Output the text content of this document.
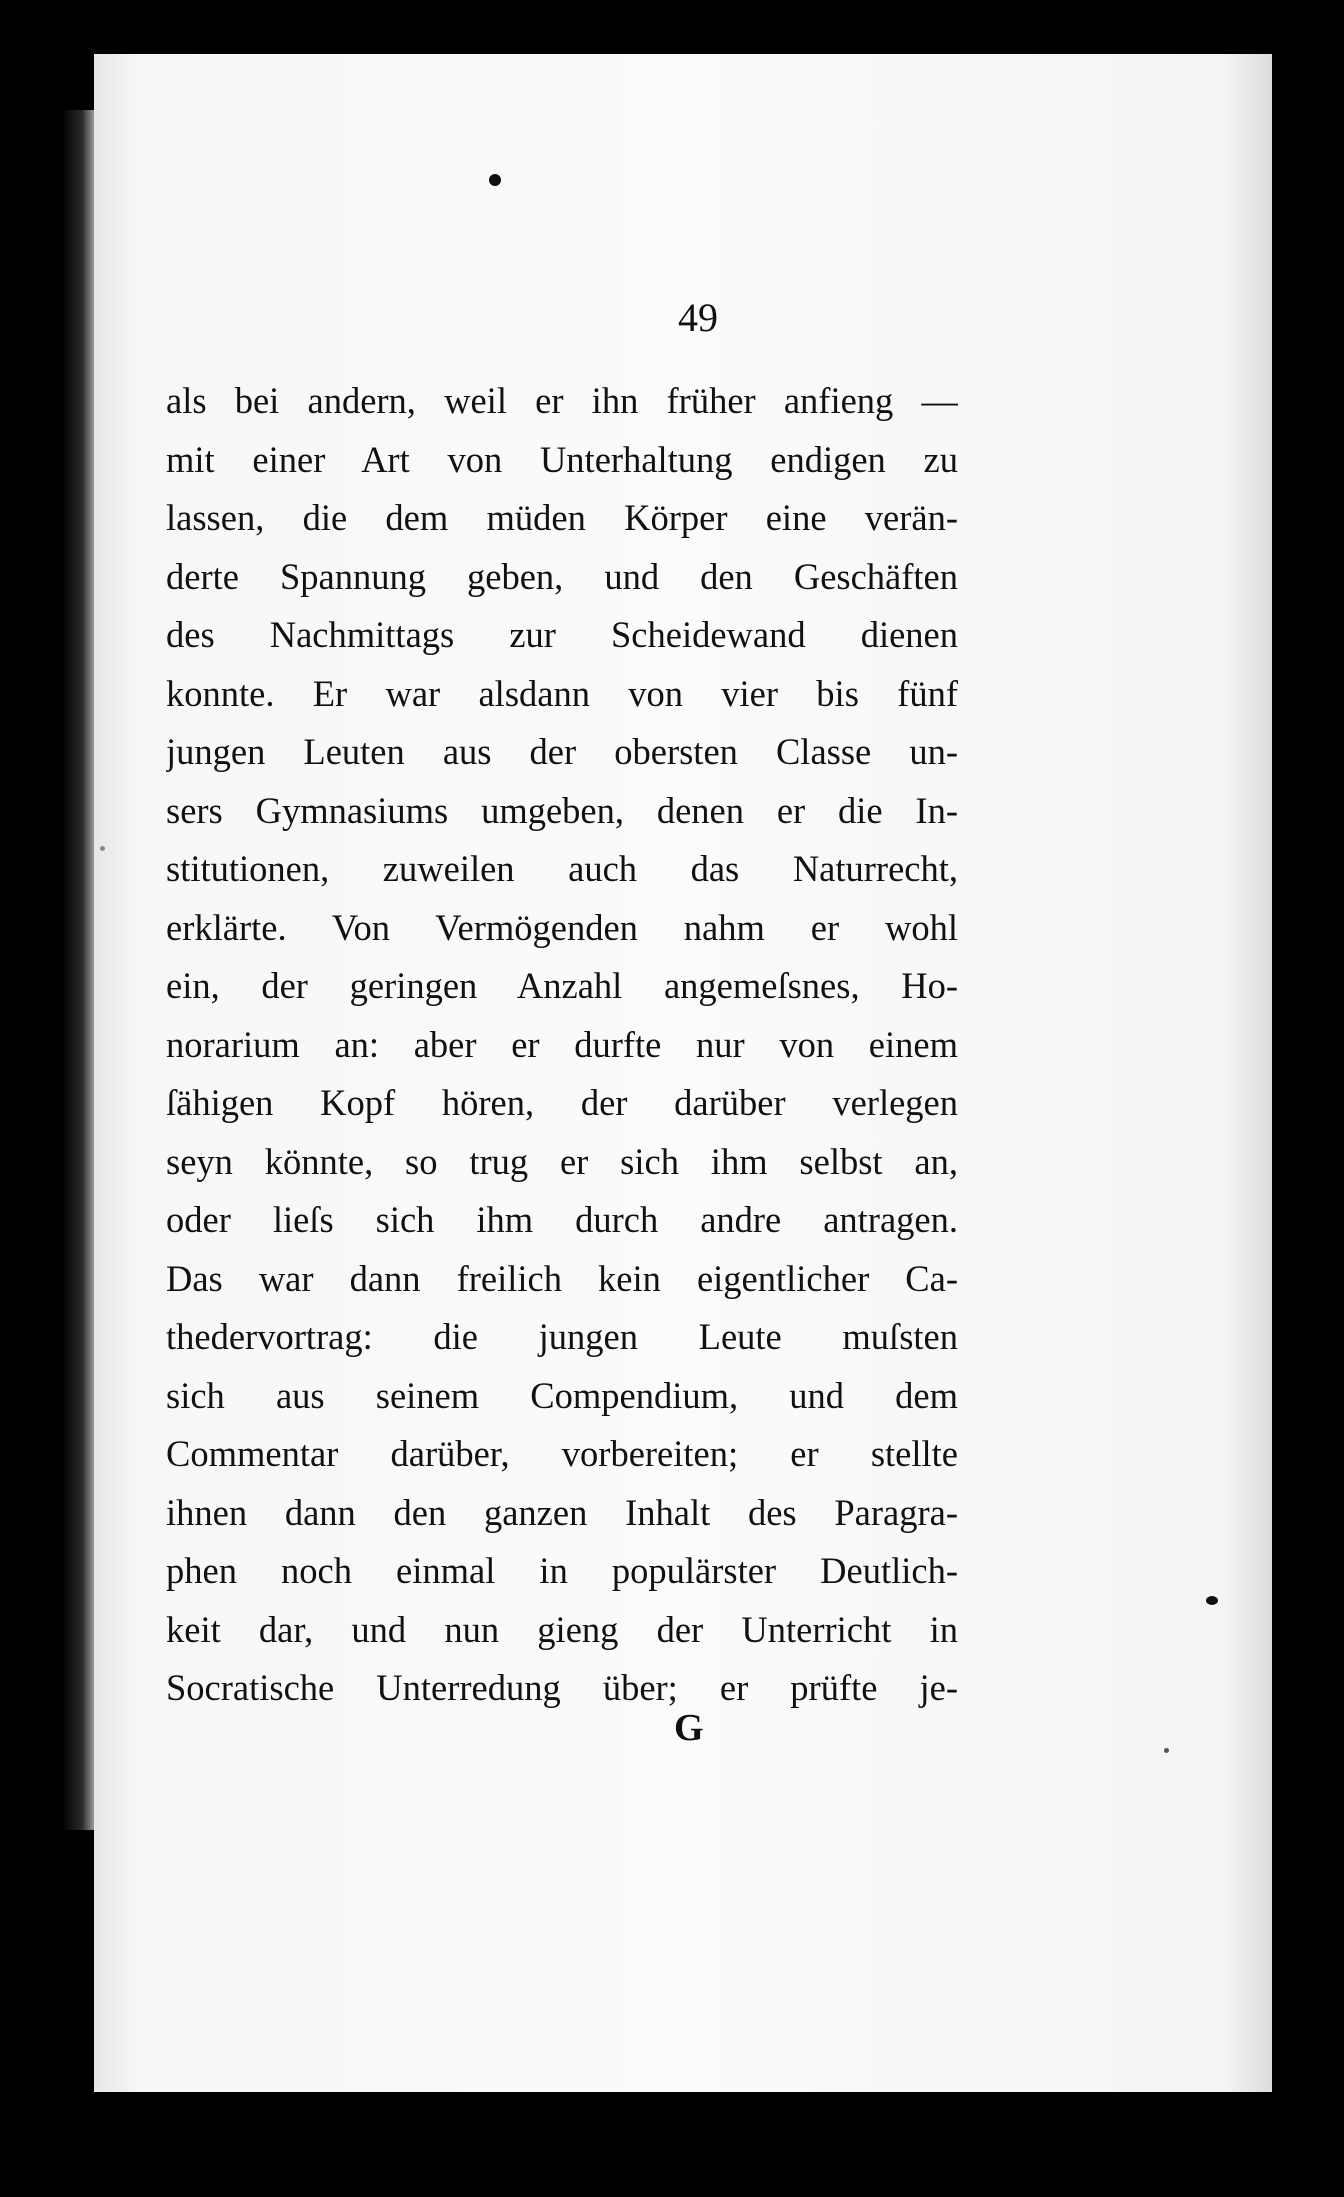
49
als bei andern, weil er ihn früher anfieng —
mit einer Art von Unterhaltung endigen zu
lassen, die dem müden Körper eine verän-
derte Spannung geben, und den Geschäften
des Nachmittags zur Scheidewand dienen
konnte. Er war alsdann von vier bis fünf
jungen Leuten aus der obersten Classe un-
sers Gymnasiums umgeben, denen er die In-
stitutionen, zuweilen auch das Naturrecht,
erklärte. Von Vermögenden nahm er wohl
ein, der geringen Anzahl angemeſsnes, Ho-
norarium an: aber er durfte nur von einem
ſähigen Kopf hören, der darüber verlegen
seyn könnte, so trug er sich ihm selbst an,
oder lieſs sich ihm durch andre antragen.
Das war dann freilich kein eigentlicher Ca-
thedervortrag: die jungen Leute muſsten
sich aus seinem Compendium, und dem
Commentar darüber, vorbereiten; er stellte
ihnen dann den ganzen Inhalt des Paragra-
phen noch einmal in populärster Deutlich-
keit dar, und nun gieng der Unterricht in
Socratische Unterredung über; er prüfte je-
G
